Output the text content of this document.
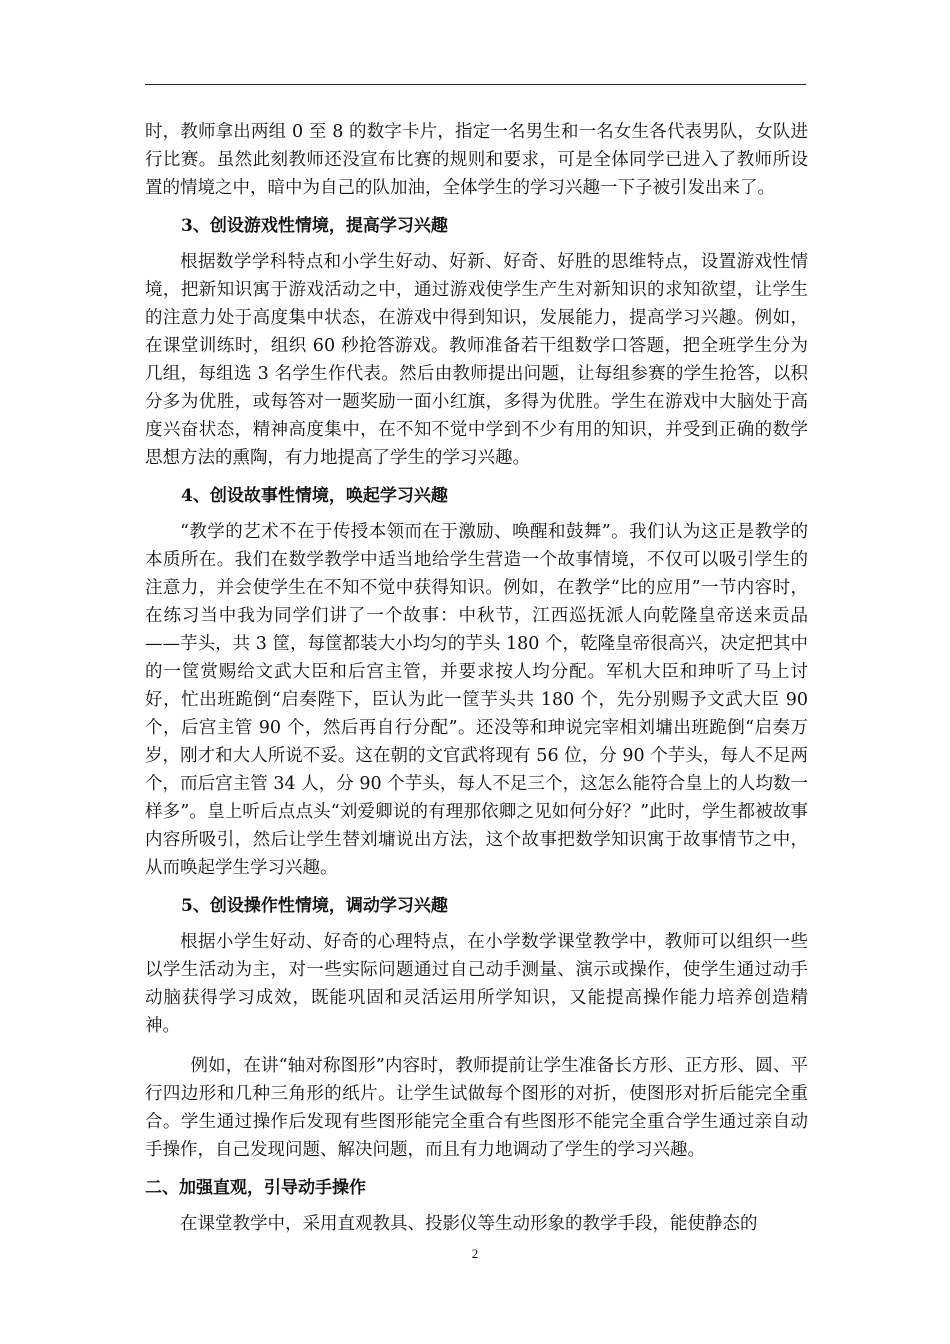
时，教师拿出两组 0 至 8 的数字卡片，指定一名男生和一名女生各代表男队，女队进行比赛。虽然此刻教师还没宣布比赛的规则和要求，可是全体同学已进入了教师所设置的情境之中，暗中为自己的队加油，全体学生的学习兴趣一下子被引发出来了。

3、创设游戏性情境，提高学习兴趣

根据数学学科特点和小学生好动、好新、好奇、好胜的思维特点，设置游戏性情境，把新知识寓于游戏活动之中，通过游戏使学生产生对新知识的求知欲望，让学生的注意力处于高度集中状态，在游戏中得到知识，发展能力，提高学习兴趣。例如，在课堂训练时，组织 60 秒抢答游戏。教师准备若干组数学口答题，把全班学生分为几组，每组选 3 名学生作代表。然后由教师提出问题，让每组参赛的学生抢答，以积分多为优胜，或每答对一题奖励一面小红旗，多得为优胜。学生在游戏中大脑处于高度兴奋状态，精神高度集中，在不知不觉中学到不少有用的知识，并受到正确的数学思想方法的熏陶，有力地提高了学生的学习兴趣。

4、创设故事性情境，唤起学习兴趣

“教学的艺术不在于传授本领而在于激励、唤醒和鼓舞”。我们认为这正是教学的本质所在。我们在数学教学中适当地给学生营造一个故事情境，不仅可以吸引学生的注意力，并会使学生在不知不觉中获得知识。例如，在教学“比的应用”一节内容时，在练习当中我为同学们讲了一个故事：中秋节，江西巡抚派人向乾隆皇帝送来贡品——芋头，共 3 筐，每筐都装大小均匀的芋头 180 个，乾隆皇帝很高兴，决定把其中的一筐赏赐给文武大臣和后宫主管，并要求按人均分配。军机大臣和珅听了马上讨好，忙出班跪倒“启奏陛下，臣认为此一筐芋头共 180 个，先分别赐予文武大臣 90 个，后宫主管 90 个，然后再自行分配”。还没等和珅说完宰相刘墉出班跪倒“启奏万岁，刚才和大人所说不妥。这在朝的文官武将现有 56 位，分 90 个芋头，每人不足两个，而后宫主管 34 人，分 90 个芋头，每人不足三个，这怎么能符合皇上的人均数一样多”。皇上听后点点头“刘爱卿说的有理那依卿之见如何分好？”此时，学生都被故事内容所吸引，然后让学生替刘墉说出方法，这个故事把数学知识寓于故事情节之中，从而唤起学生学习兴趣。

5、创设操作性情境，调动学习兴趣

根据小学生好动、好奇的心理特点，在小学数学课堂教学中，教师可以组织一些以学生活动为主，对一些实际问题通过自己动手测量、演示或操作，使学生通过动手动脑获得学习成效，既能巩固和灵活运用所学知识，又能提高操作能力培养创造精神。

例如，在讲“轴对称图形”内容时，教师提前让学生准备长方形、正方形、圆、平行四边形和几种三角形的纸片。让学生试做每个图形的对折，使图形对折后能完全重合。学生通过操作后发现有些图形能完全重合有些图形不能完全重合学生通过亲自动手操作，自己发现问题、解决问题，而且有力地调动了学生的学习兴趣。

二、加强直观，引导动手操作

在课堂教学中，采用直观教具、投影仪等生动形象的教学手段，能使静态的

2
